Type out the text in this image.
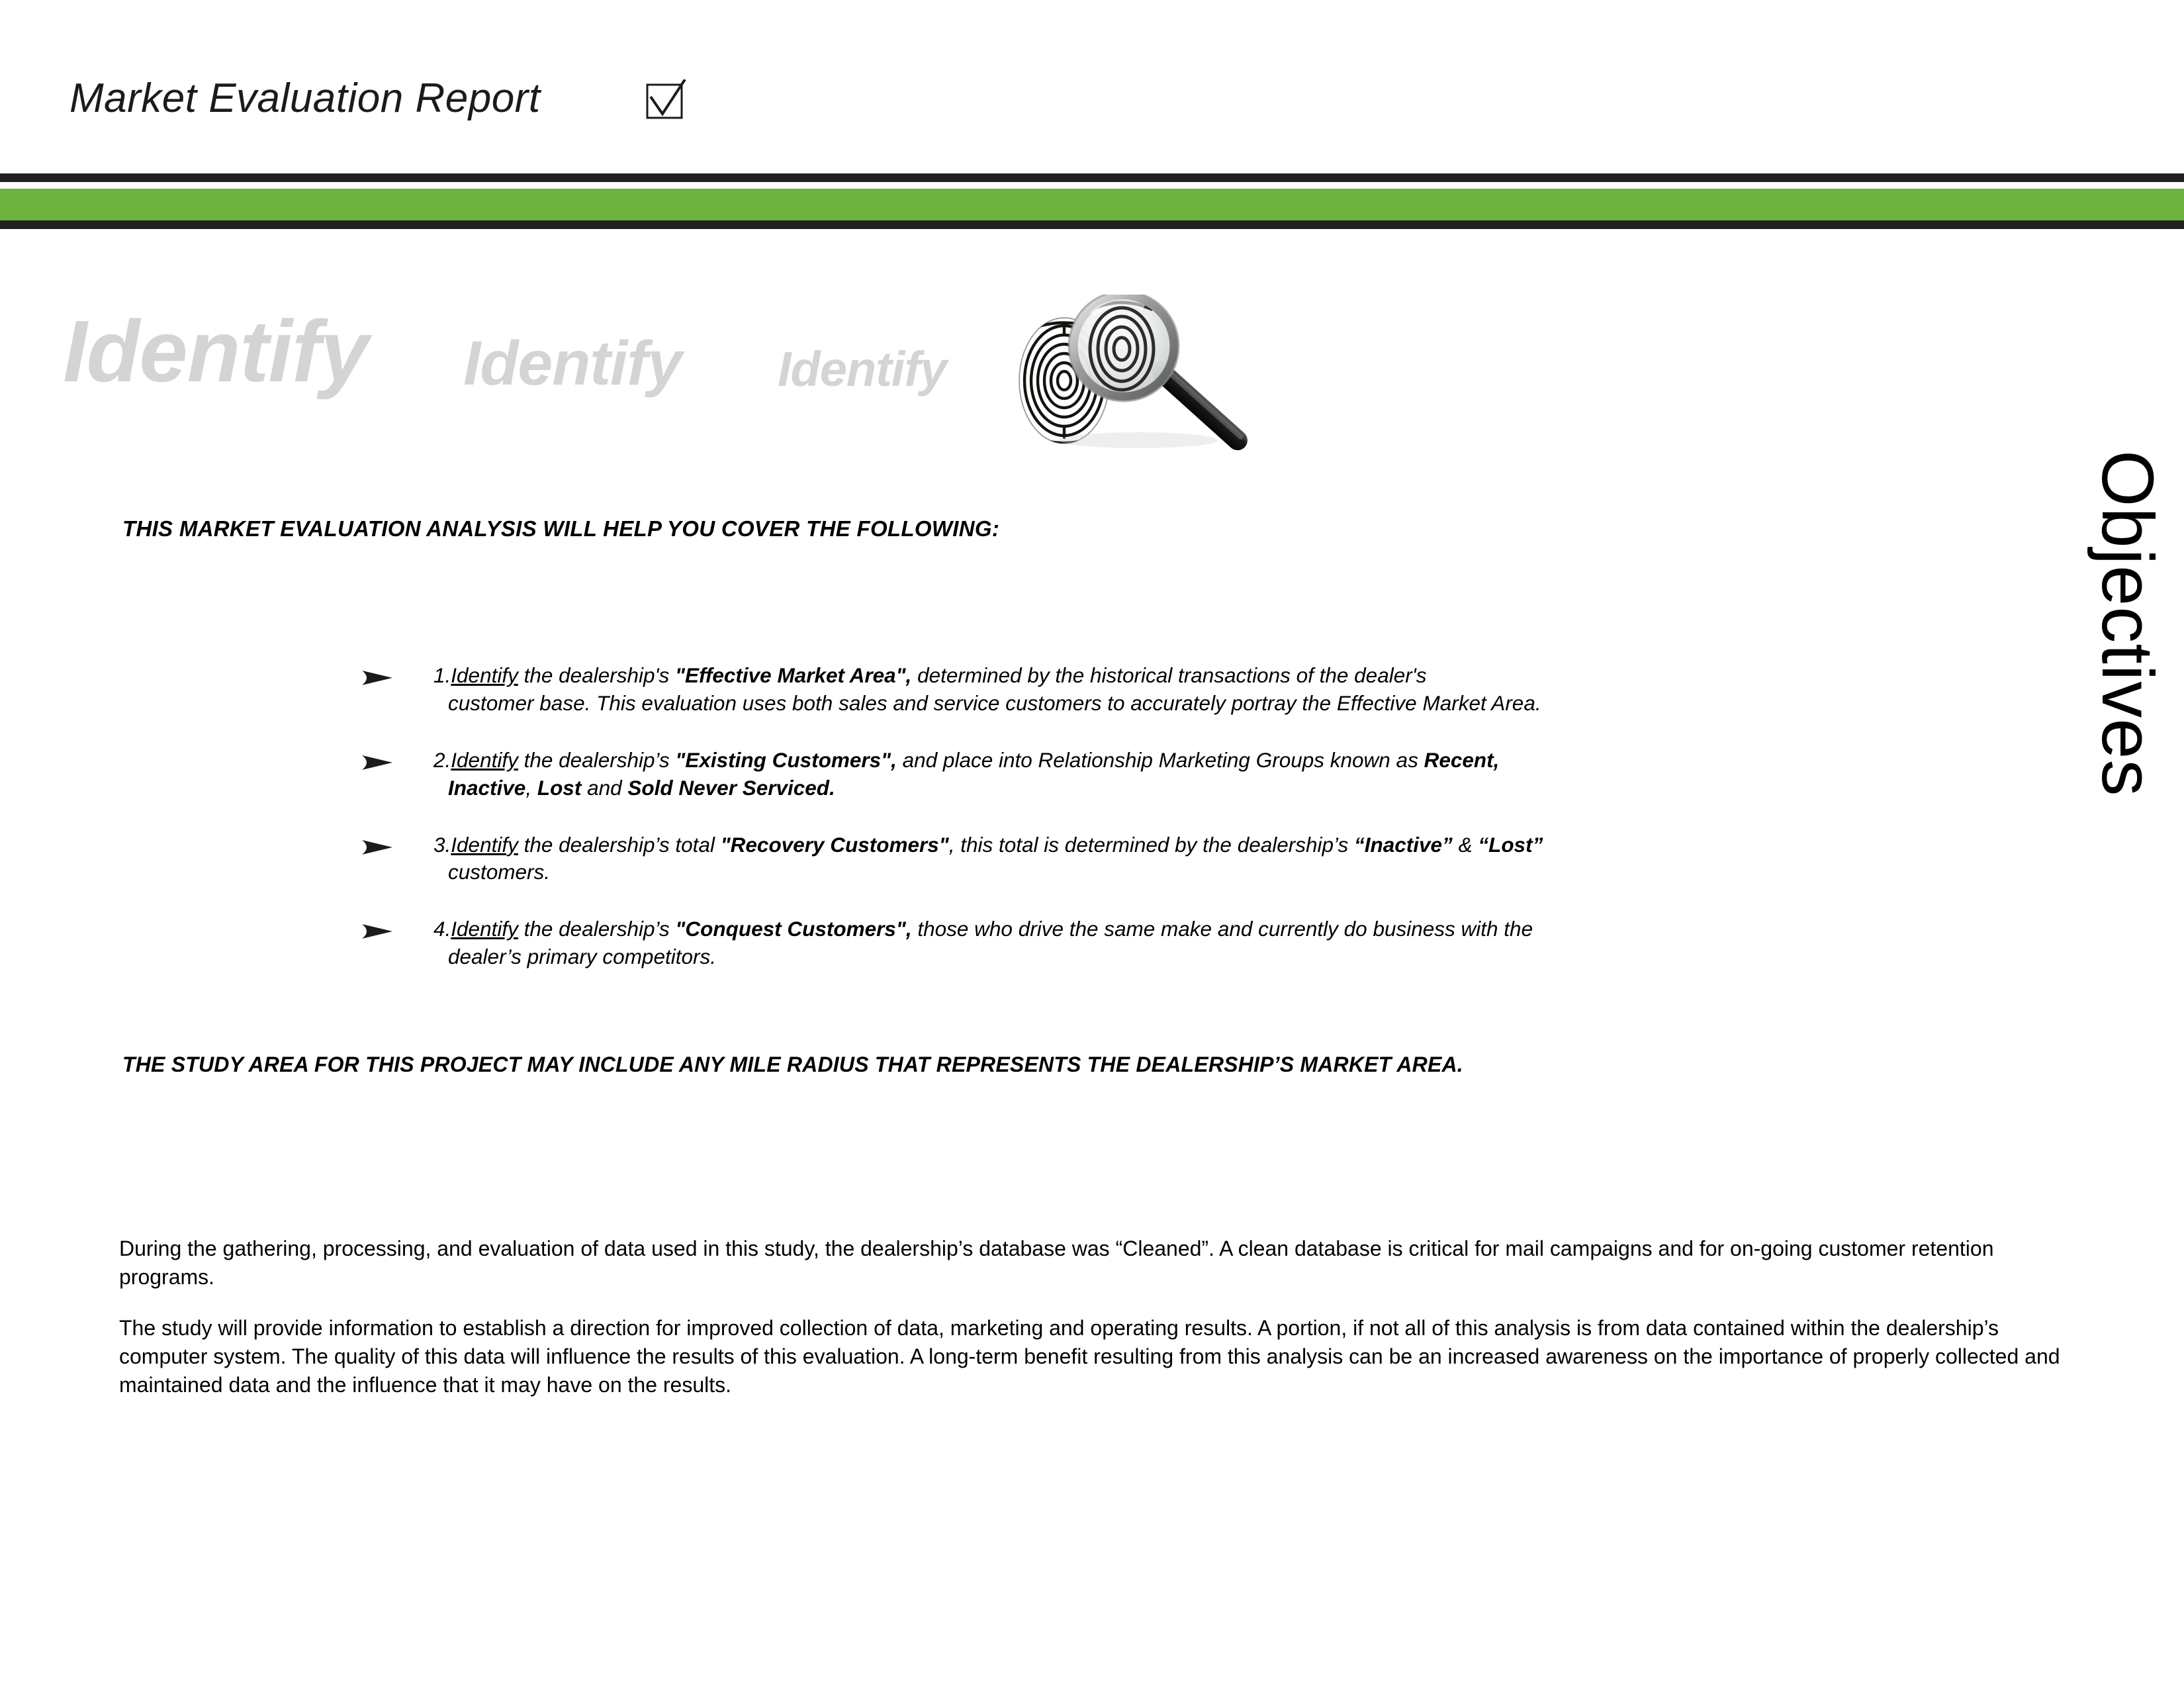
Market Evaluation Report
Identify Identify Identify
Objectives
THIS MARKET EVALUATION ANALYSIS WILL HELP YOU COVER THE FOLLOWING:
1.Identify the dealership's "Effective Market Area", determined by the historical transactions of the dealer's
customer base. This evaluation uses both sales and service customers to accurately portray the Effective Market Area.
2.Identify the dealership’s "Existing Customers", and place into Relationship Marketing Groups known as Recent,
Inactive, Lost and Sold Never Serviced.
3.Identify the dealership’s total "Recovery Customers", this total is determined by the dealership’s “Inactive” & “Lost”
customers.
4.Identify the dealership’s "Conquest Customers", those who drive the same make and currently do business with the
dealer’s primary competitors.
THE STUDY AREA FOR THIS PROJECT MAY INCLUDE ANY MILE RADIUS THAT REPRESENTS THE DEALERSHIP’S MARKET AREA.
During the gathering, processing, and evaluation of data used in this study, the dealership’s database was “Cleaned”. A clean database is critical for mail campaigns and for on-going customer retention programs.
The study will provide information to establish a direction for improved collection of data, marketing and operating results. A portion, if not all of this analysis is from data contained within the dealership’s computer system. The quality of this data will influence the results of this evaluation. A long-term benefit resulting from this analysis can be an increased awareness on the importance of properly collected and maintained data and the influence that it may have on the results.
